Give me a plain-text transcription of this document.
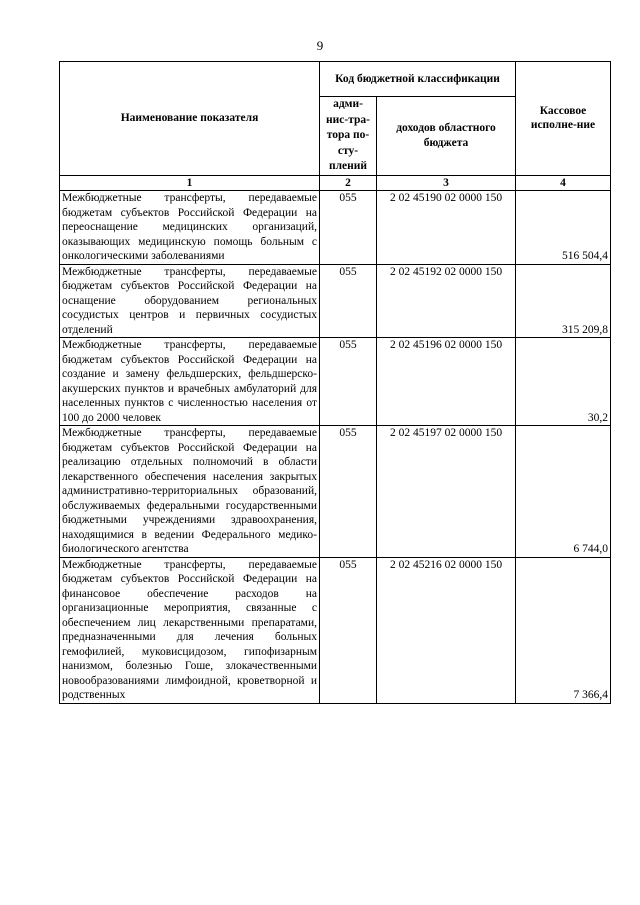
9
Наименование показателя	Код бюджетной классификации		Кассовое исполне-ние
	адми-нис-тра-тора по-сту-плений	доходов областного бюджета	
1	2	3	4
Межбюджетные трансферты, передаваемые бюджетам субъектов Российской Федерации на переоснащение медицинских организаций, оказывающих медицинскую помощь больным с онкологическими заболеваниями	055	2 02 45190 02 0000 150	516 504,4
Межбюджетные трансферты, передаваемые бюджетам субъектов Российской Федерации на оснащение оборудованием региональных сосудистых центров и первичных сосудистых отделений	055	2 02 45192 02 0000 150	315 209,8
Межбюджетные трансферты, передаваемые бюджетам субъектов Российской Федерации на создание и замену фельдшерских, фельдшерско-акушерских пунктов и врачебных амбулаторий для населенных пунктов с численностью населения от 100 до 2000 человек	055	2 02 45196 02 0000 150	30,2
Межбюджетные трансферты, передаваемые бюджетам субъектов Российской Федерации на реализацию отдельных полномочий в области лекарственного обеспечения населения закрытых административно-территориальных образований, обслуживаемых федеральными государственными бюджетными учреждениями здравоохранения, находящимися в ведении Федерального медико-биологического агентства	055	2 02 45197 02 0000 150	6 744,0
Межбюджетные трансферты, передаваемые бюджетам субъектов Российской Федерации на финансовое обеспечение расходов на организационные мероприятия, связанные с обеспечением лиц лекарственными препаратами, предназначенными для лечения больных гемофилией, муковисцидозом, гипофизарным нанизмом, болезнью Гоше, злокачественными новообразованиями лимфоидной, кроветворной и родственных	055	2 02 45216 02 0000 150	7 366,4
